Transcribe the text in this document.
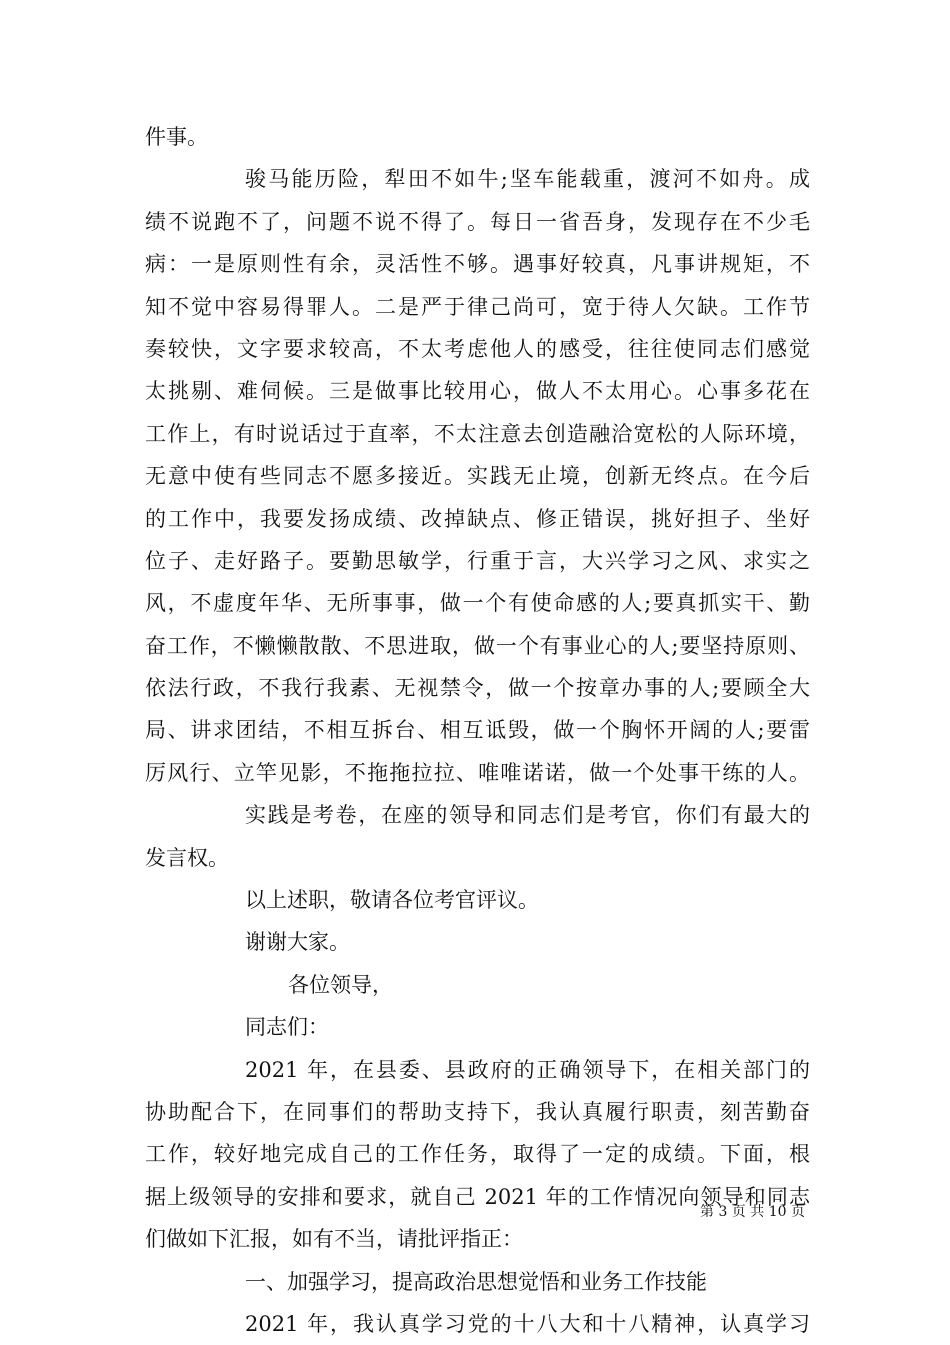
件事。
骏马能历险，犁田不如牛;坚车能载重，渡河不如舟。成
绩不说跑不了，问题不说不得了。每日一省吾身，发现存在不少毛
病：一是原则性有余，灵活性不够。遇事好较真，凡事讲规矩，不
知不觉中容易得罪人。二是严于律己尚可，宽于待人欠缺。工作节
奏较快，文字要求较高，不太考虑他人的感受，往往使同志们感觉
太挑剔、难伺候。三是做事比较用心，做人不太用心。心事多花在
工作上，有时说话过于直率，不太注意去创造融洽宽松的人际环境，
无意中使有些同志不愿多接近。实践无止境，创新无终点。在今后
的工作中，我要发扬成绩、改掉缺点、修正错误，挑好担子、坐好
位子、走好路子。要勤思敏学，行重于言，大兴学习之风、求实之
风，不虚度年华、无所事事，做一个有使命感的人;要真抓实干、勤
奋工作，不懒懒散散、不思进取，做一个有事业心的人;要坚持原则、
依法行政，不我行我素、无视禁令，做一个按章办事的人;要顾全大
局、讲求团结，不相互拆台、相互诋毁，做一个胸怀开阔的人;要雷
厉风行、立竿见影，不拖拖拉拉、唯唯诺诺，做一个处事干练的人。
实践是考卷，在座的领导和同志们是考官，你们有最大的
发言权。
以上述职，敬请各位考官评议。
谢谢大家。
各位领导，
同志们：
2021 年，在县委、县政府的正确领导下，在相关部门的
协助配合下，在同事们的帮助支持下，我认真履行职责，刻苦勤奋
工作，较好地完成自己的工作任务，取得了一定的成绩。下面，根
据上级领导的安排和要求，就自己 2021 年的工作情况向领导和同志
们做如下汇报，如有不当，请批评指正：
一、加强学习，提高政治思想觉悟和业务工作技能
2021 年，我认真学习党的十八大和十八精神，认真学习
第 3 页 共 10 页
